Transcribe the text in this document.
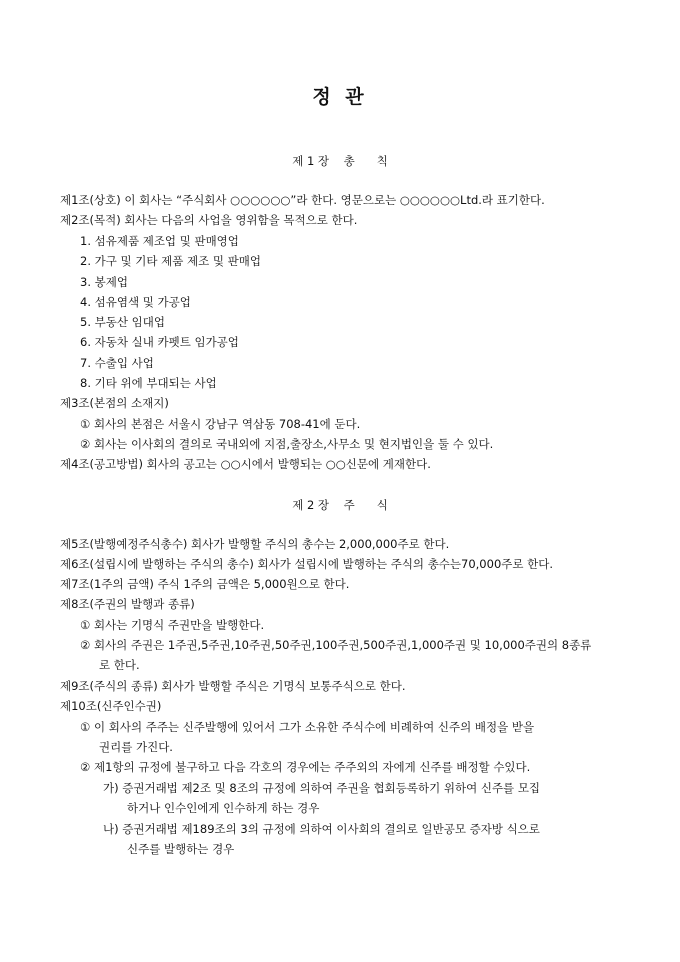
정 관
제 1 장    총      칙
제1조(상호) 이 회사는 “주식회사 ○○○○○○”라 한다. 영문으로는 ○○○○○○Ltd.라 표기한다.
제2조(목적) 회사는 다음의 사업을 영위함을 목적으로 한다.
1. 섬유제품 제조업 및 판매영업
2. 가구 및 기타 제품 제조 및 판매업
3. 봉제업
4. 섬유염색 및 가공업
5. 부동산 임대업
6. 자동차 실내 카펫트 임가공업
7. 수출입 사업
8. 기타 위에 부대되는 사업
제3조(본점의 소재지)
① 회사의 본점은 서울시 강남구 역삼동 708-41에 둔다.
② 회사는 이사회의 결의로 국내외에 지점,출장소,사무소 및 현지법인을 둘 수 있다.
제4조(공고방법) 회사의 공고는 ○○시에서 발행되는 ○○신문에 게재한다.
제 2 장    주      식
제5조(발행예정주식총수) 회사가 발행할 주식의 총수는 2,000,000주로 한다.
제6조(설립시에 발행하는 주식의 총수) 회사가 설립시에 발행하는 주식의 총수는70,000주로 한다.
제7조(1주의 금액) 주식 1주의 금액은 5,000원으로 한다.
제8조(주권의 발행과 종류)
① 회사는 기명식 주권만을 발행한다.
② 회사의 주권은 1주권,5주권,10주권,50주권,100주권,500주권,1,000주권 및 10,000주권의 8종류
로 한다.
제9조(주식의 종류) 회사가 발행할 주식은 기명식 보통주식으로 한다.
제10조(신주인수권)
① 이 회사의 주주는 신주발행에 있어서 그가 소유한 주식수에 비례하여 신주의 배정을 받을
권리를 가진다.
② 제1항의 규정에 불구하고 다음 각호의 경우에는 주주외의 자에게 신주를 배정할 수있다.
가) 증권거래법 제2조 및 8조의 규정에 의하여 주권을 협회등록하기 위하여 신주를 모집
하거나 인수인에게 인수하게 하는 경우
나) 증권거래법 제189조의 3의 규정에 의하여 이사회의 결의로 일반공모 증자방 식으로
신주를 발행하는 경우
